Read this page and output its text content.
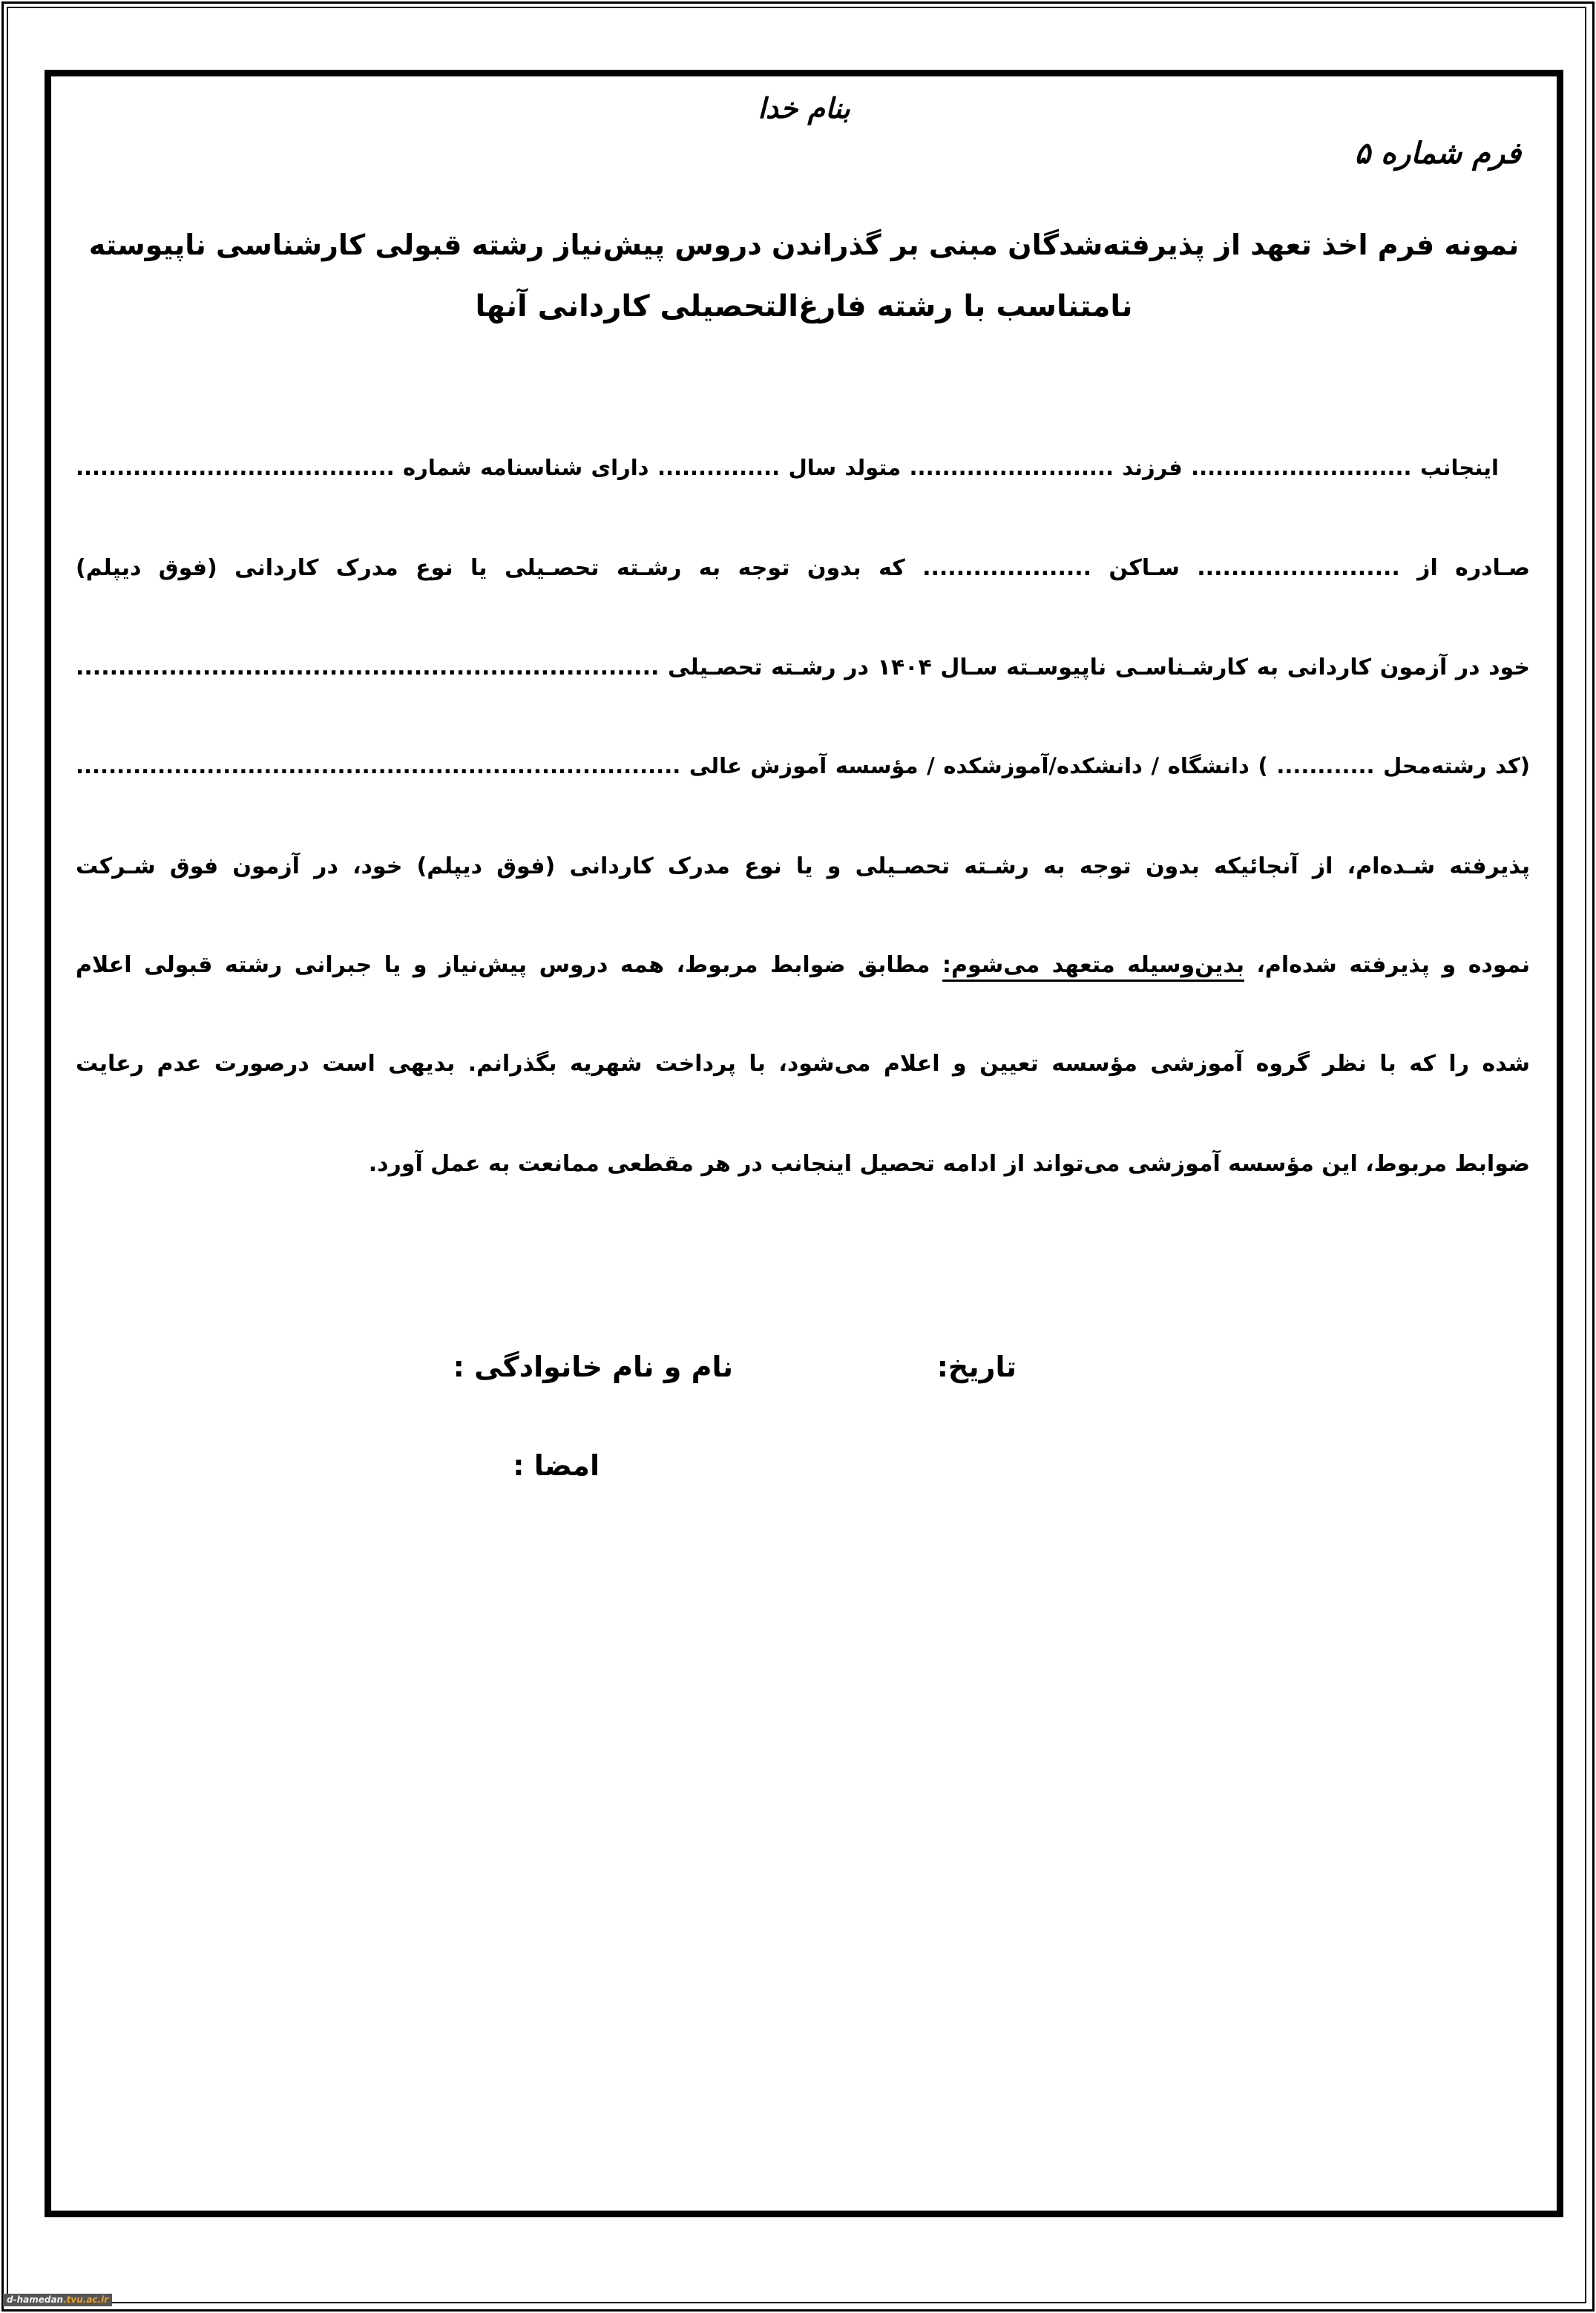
بنام خدا
فرم شماره ۵
نمونه فرم اخذ تعهد از پذیرفته‌شدگان مبنی بر گذراندن دروس پیش‌نیاز رشته قبولی کارشناسی ناپیوسته
نامتناسب با رشته فارغ‌التحصیلی کاردانی آنها
اینجانب ........................... فرزند ......................... متولد سال ............... دارای شناسنامه شماره .......................................
صـادره از ........................ سـاکن .................... که بدون توجه به رشـته تحصـیلی یا نوع مدرک کاردانی (فوق دیپلم)
خود در آزمون کاردانی به کارشـناسـی ناپیوسـته سـال ۱۴۰۴ در رشـته تحصـیلی .....................................................................
(کد رشته‌محل ............ ) دانشگاه / دانشکده/آموزشکده / مؤسسه آموزش عالی ..........................................................................
پذیرفته شـده‌ام، از آنجائیکه بدون توجه به رشـته تحصـیلی و یا نوع مدرک کاردانی (فوق دیپلم) خود، در آزمون فوق شـرکت
نموده و پذیرفته شده‌ام، بدین‌وسیله متعهد می‌شوم: مطابق ضوابط مربوط، همه دروس پیش‌نیاز و یا جبرانی رشته قبولی اعلام
شده را که با نظر گروه آموزشی مؤسسه تعیین و اعلام می‌شود، با پرداخت شهریه بگذرانم. بدیهی است درصورت عدم رعایت
ضوابط مربوط، این مؤسسه آموزشی می‌تواند از ادامه تحصیل اینجانب در هر مقطعی ممانعت به عمل آورد.
تاریخ:
نام و نام خانوادگی :
امضا :
d-hamedan.tvu.ac.ir
